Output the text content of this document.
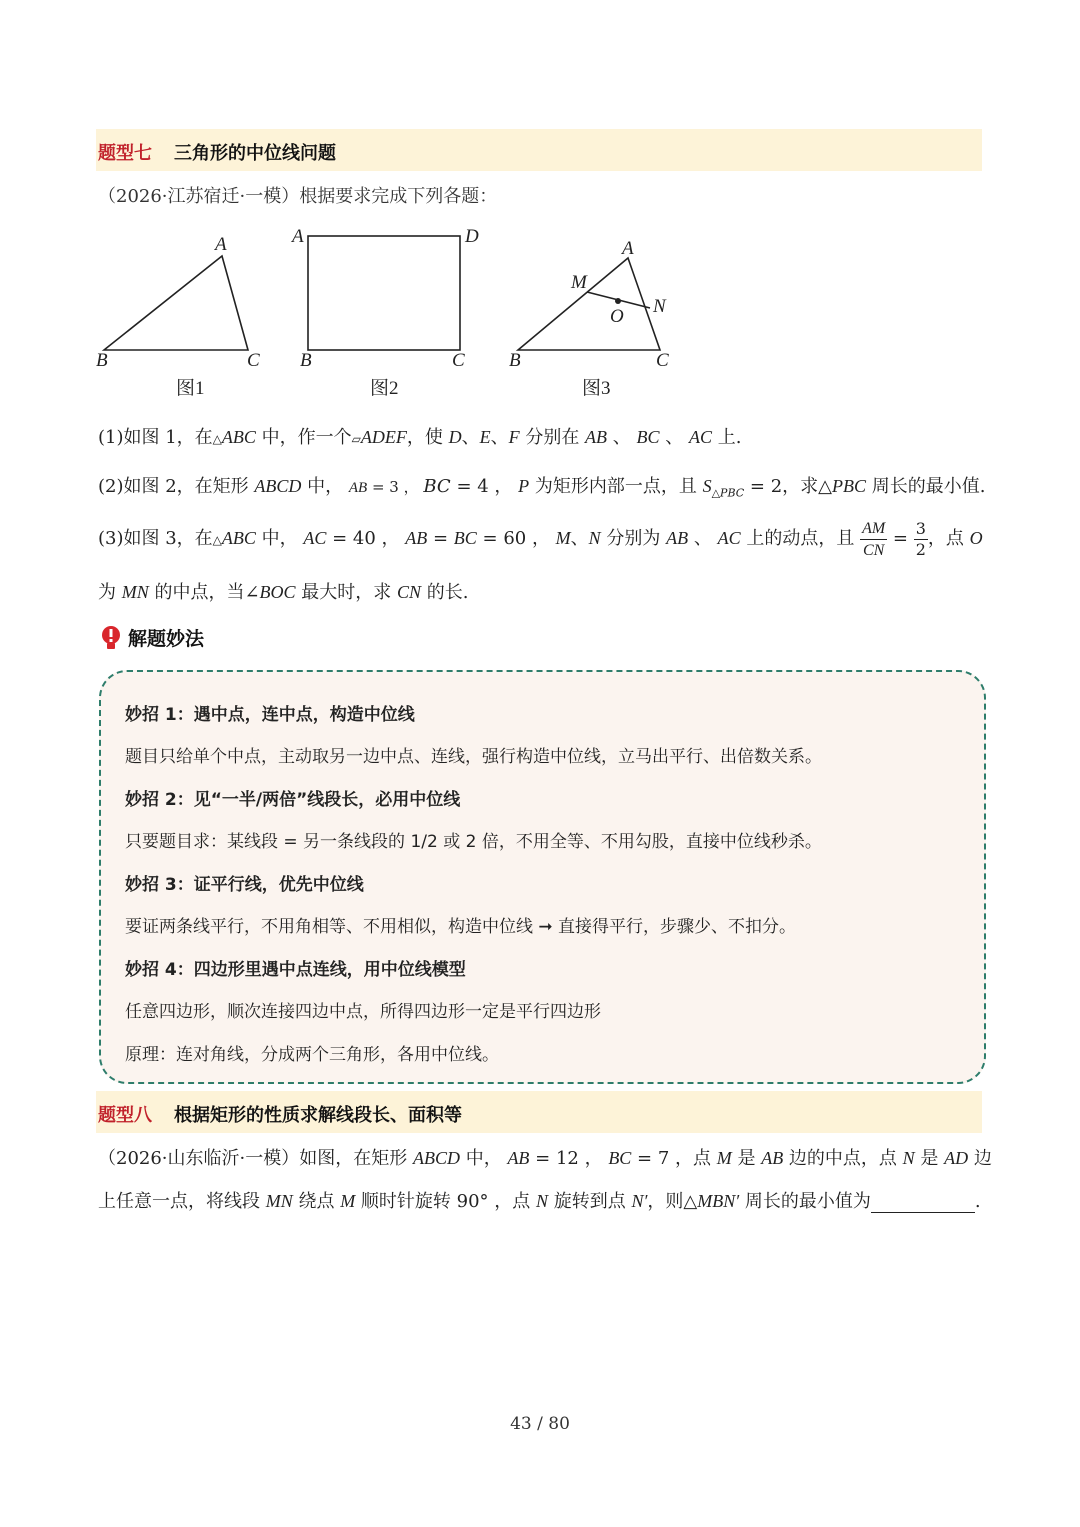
题型七 三角形的中位线问题
（2026·江苏宿迁·一模）根据要求完成下列各题：
B
A
C
图1
A	D
B	C
图2
A
M
N
O
B	C
图3
(1)如图 1，在△ABC 中，作一个▱ADEF，使 D、E、F 分别在 AB 、 BC 、 AC 上.
(2)如图 2，在矩形 ABCD 中， AB = 3 ， BC = 4 ， P 为矩形内部一点，且 $S_{\triangle PBC} = 2$，求△PBC 周长的最小值.
(3)如图 3，在△ABC 中， AC = 40 ， AB = BC = 60 ， M、N 分别为 AB 、 AC 上的动点，且 $\frac{AM}{CN} = \frac{3}{2}$ ，点 O
为 MN 的中点，当∠BOC 最大时，求 CN 的长.
解题妙法
妙招 1：遇中点，连中点，构造中位线
题目只给单个中点，主动取另一边中点、连线，强行构造中位线，立马出平行、出倍数关系。
妙招 2：见“一半/两倍”线段长，必用中位线
只要题目求：某线段 = 另一条线段的 1/2 或 2 倍，不用全等、不用勾股，直接中位线秒杀。
妙招 3：证平行线，优先中位线
要证两条线平行，不用角相等、不用相似，构造中位线 ➞ 直接得平行，步骤少、不扣分。
妙招 4：四边形里遇中点连线，用中位线模型
任意四边形，顺次连接四边中点，所得四边形一定是平行四边形
原理：连对角线，分成两个三角形，各用中位线。
题型八 根据矩形的性质求解线段长、面积等
（2026·山东临沂·一模）如图，在矩形 ABCD 中， AB = 12 ， BC = 7 ，点 M 是 AB 边的中点，点 N 是 AD 边
上任意一点，将线段 MN 绕点 M 顺时针旋转 90° ，点 N 旋转到点 N′，则△MBN′ 周长的最小值为	.
43 / 80
